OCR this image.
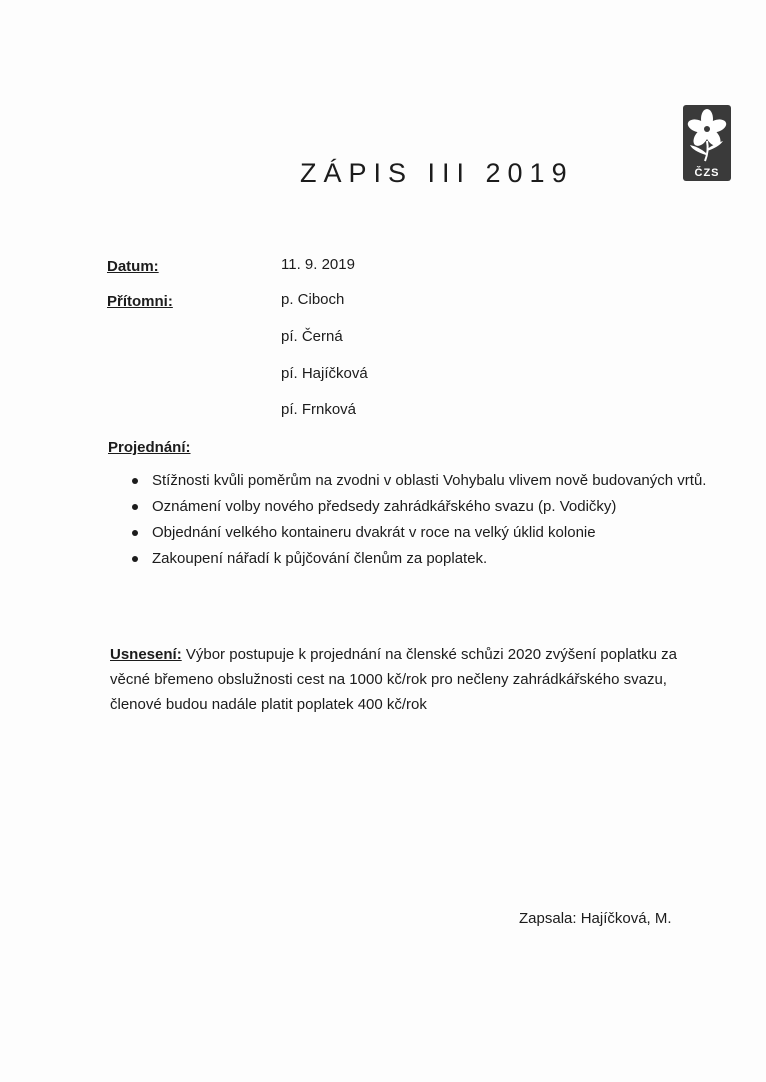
ČZS
ZÁPIS III 2019
Datum:	11. 9. 2019
Přítomni:	p. Ciboch
pí. Černá
pí. Hajíčková
pí. Frnková
Projednání:
Stížnosti kvůli poměrům na zvodni v oblasti Vohybalu vlivem nově budovaných vrtů.
Oznámení volby nového předsedy zahrádkářského svazu (p. Vodičky)
Objednání velkého kontaineru dvakrát v roce na velký úklid kolonie
Zakoupení nářadí k půjčování členům za poplatek.
Usnesení: Výbor postupuje k projednání na členské schůzi 2020 zvýšení poplatku za věcné břemeno obslužnosti cest na 1000 kč/rok pro nečleny zahrádkářského svazu, členové budou nadále platit poplatek 400 kč/rok
Zapsala: Hajíčková, M.
